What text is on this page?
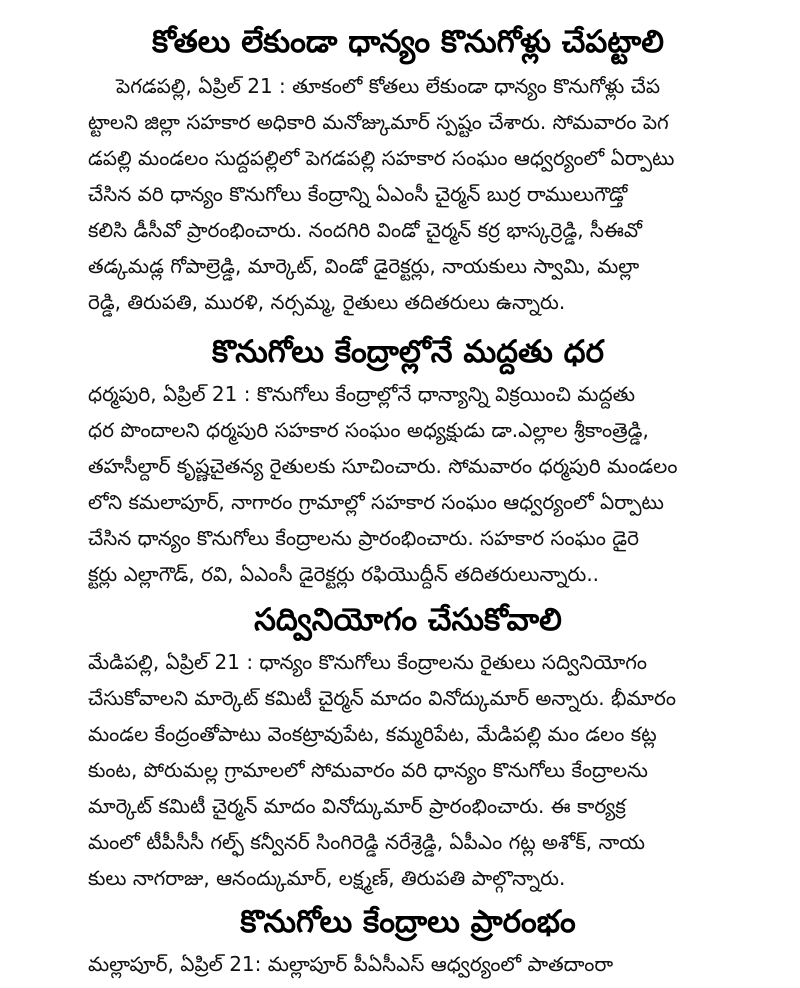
కోతలు లేకుండా ధాన్యం కొనుగోళ్లు చేపట్టాలి
పెగడపల్లి, ఏప్రిల్ 21 : తూకంలో కోతలు లేకుండా ధాన్యం కొనుగోళ్లు చేప
ట్టాలని జిల్లా సహకార అధికారి మనోజ్కుమార్ స్పష్టం చేశారు. సోమవారం పెగ
డపల్లి మండలం సుద్దపల్లిలో పెగడపల్లి సహకార సంఘం ఆధ్వర్యంలో ఏర్పాటు
చేసిన వరి ధాన్యం కొనుగోలు కేంద్రాన్ని ఏఎంసీ చైర్మన్ బుర్ర రాములుగౌడ్తో
కలిసి డీసీవో ప్రారంభించారు. నందగిరి విండో చైర్మన్ కర్ర భాస్కర్రెడ్డి, సీఈవో
తడ్కమడ్ల గోపాల్రెడ్డి, మార్కెట్, విండో డైరెక్టర్లు, నాయకులు స్వామి, మల్లా
రెడ్డి, తిరుపతి, మురళి, నర్సమ్మ, రైతులు తదితరులు ఉన్నారు.
కొనుగోలు కేంద్రాల్లోనే మద్దతు ధర
ధర్మపురి, ఏప్రిల్ 21 : కొనుగోలు కేంద్రాల్లోనే ధాన్యాన్ని విక్రయించి మద్దతు
ధర పొందాలని ధర్మపురి సహకార సంఘం అధ్యక్షుడు డా.ఎల్లాల శ్రీకాంత్రెడ్డి,
తహసీల్దార్ కృష్ణచైతన్య రైతులకు సూచించారు. సోమవారం ధర్మపురి మండలం
లోని కమలాపూర్, నాగారం గ్రామాల్లో సహకార సంఘం ఆధ్వర్యంలో ఏర్పాటు
చేసిన ధాన్యం కొనుగోలు కేంద్రాలను ప్రారంభించారు. సహకార సంఘం డైరె
క్టర్లు ఎల్లాగౌడ్, రవి, ఏఎంసీ డైరెక్టర్లు రఫియొద్దీన్ తదితరులున్నారు..
సద్వినియోగం చేసుకోవాలి
మేడిపల్లి, ఏప్రిల్ 21 : ధాన్యం కొనుగోలు కేంద్రాలను రైతులు సద్వినియోగం
చేసుకోవాలని మార్కెట్ కమిటీ చైర్మన్ మాదం వినోద్కుమార్ అన్నారు. భీమారం
మండల కేంద్రంతోపాటు వెంకట్రావుపేట, కమ్మరిపేట, మేడిపల్లి మం డలం కట్ల
కుంట, పోరుమల్ల గ్రామాలలో సోమవారం వరి ధాన్యం కొనుగోలు కేంద్రాలను
మార్కెట్ కమిటీ చైర్మన్ మాదం వినోద్కుమార్ ప్రారంభించారు. ఈ కార్యక్ర
మంలో టీపీసీసీ గల్ఫ్ కన్వీనర్ సింగిరెడ్డి నరేశ్రెడ్డి, ఏపీఎం గట్ల అశోక్, నాయ
కులు నాగరాజు, ఆనంద్కుమార్, లక్ష్మణ్, తిరుపతి పాల్గొన్నారు.
కొనుగోలు కేంద్రాలు ప్రారంభం
మల్లాపూర్, ఏప్రిల్ 21: మల్లాపూర్ పీఏసీఎస్ ఆధ్వర్యంలో పాతదాంరా
